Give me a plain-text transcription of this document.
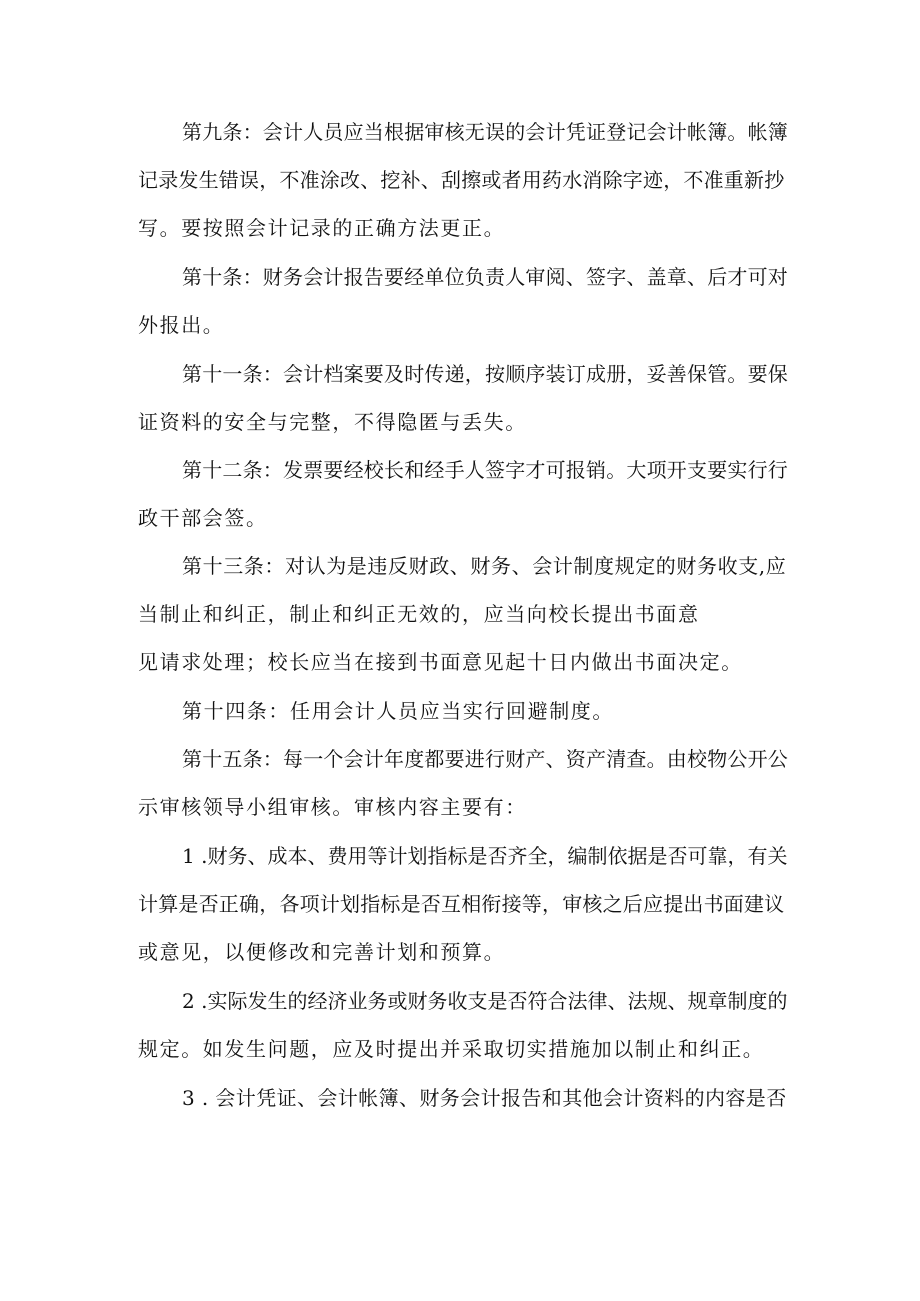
第九条：会计人员应当根据审核无误的会计凭证登记会计帐簿。帐簿
记录发生错误，不准涂改、挖补、刮擦或者用药水消除字迹，不准重新抄
写。要按照会计记录的正确方法更正。
第十条：财务会计报告要经单位负责人审阅、签字、盖章、后才可对
外报出。
第十一条：会计档案要及时传递，按顺序装订成册，妥善保管。要保
证资料的安全与完整，不得隐匿与丢失。
第十二条：发票要经校长和经手人签字才可报销。大项开支要实行行
政干部会签。
第十三条：对认为是违反财政、财务、会计制度规定的财务收支,应
当制止和纠正，制止和纠正无效的，应当向校长提出书面意
见请求处理；校长应当在接到书面意见起十日内做出书面决定。
第十四条：任用会计人员应当实行回避制度。
第十五条：每一个会计年度都要进行财产、资产清查。由校物公开公
示审核领导小组审核。审核内容主要有：
1 .财务、成本、费用等计划指标是否齐全，编制依据是否可靠，有关
计算是否正确，各项计划指标是否互相衔接等，审核之后应提出书面建议
或意见，以便修改和完善计划和预算。
2 .实际发生的经济业务或财务收支是否符合法律、法规、规章制度的
规定。如发生问题，应及时提出并采取切实措施加以制止和纠正。
3 . 会计凭证、会计帐簿、财务会计报告和其他会计资料的内容是否
